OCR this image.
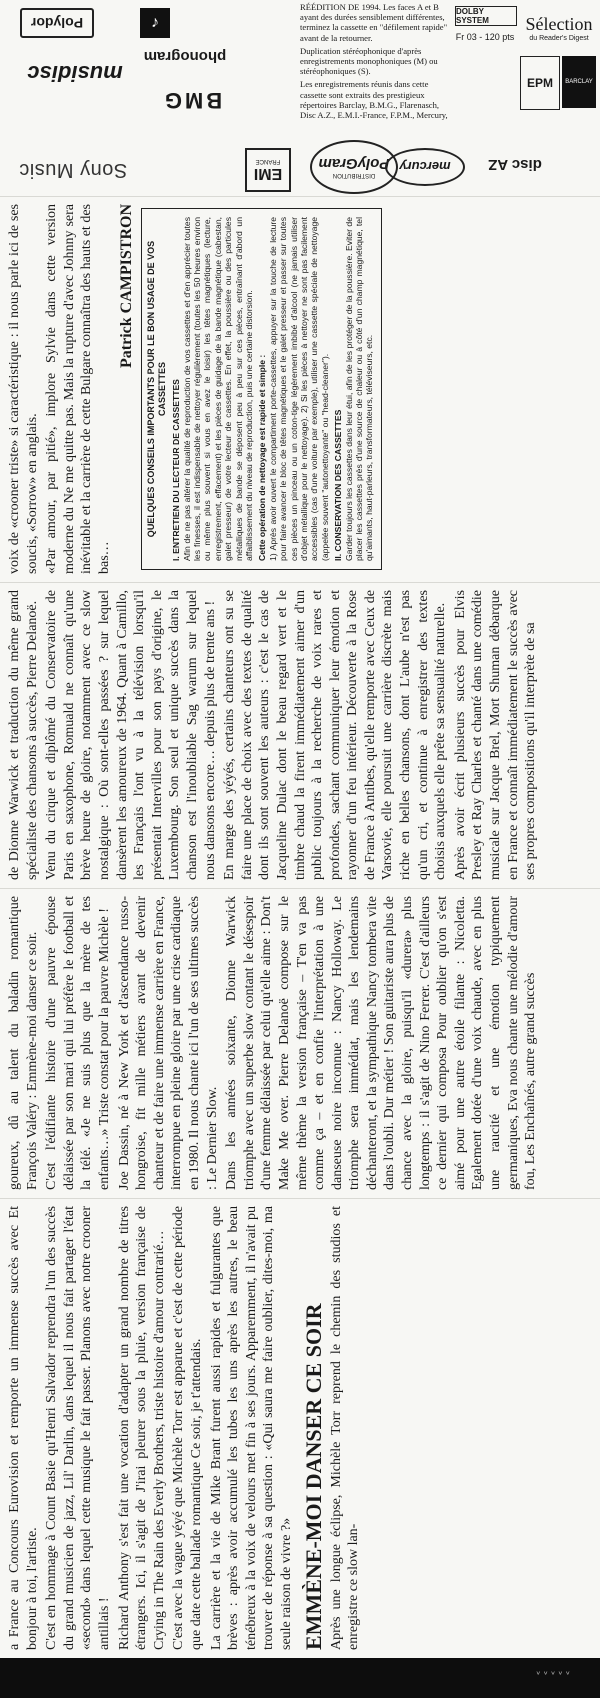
Sony Music
Polydor
musidisc
♪
phonogram
BMG
EMI
FRANCE
DISTRIBUTION
PolyGram mercury	disc AZ

RÉÉDITION DE 1994. Les faces A et B ayant des durées sensiblement différentes, terminez la cassette en "défilement rapide" avant de la retourner.

Duplication stéréophonique d'après enregistrements monophoniques (M) ou stéréophoniques (S).

Les enregistrements réunis dans cette cassette sont extraits des prestigieux répertoires Barclay, B.M.G., Flarenasch, Disc A.Z., E.M.I.-France, F.P.M., Mercury,

DOLBY SYSTEM
Fr 03 - 120 pts
Sélection
du Reader's Digest
EPM BARCLAY

voix de «crooner triste» si caractéristique : il nous parle ici de ses soucis, «Sorrow» en anglais. «Par amour, par pitié», implore Sylvie dans cette version moderne du Ne me quitte pas. Mais la rupture d'avec Johnny sera inévitable et la carrière de cette Bulgare connaîtra des hauts et des bas…

Patrick CAMPISTRON QUELQUES CONSEILS IMPORTANTS POUR LE BON USAGE DE VOS CASSETTES I. ENTRETIEN DU LECTEUR DE CASSETTES Afin de ne pas altérer la qualité de reproduction de vos cassettes et d'en apprécier toutes les finesses, il est indispensable de nettoyer régulièrement (toutes les 50 heures environ ou même plus souvent si vous en avez le loisir) les têtes magnétiques (lecture, enregistrement, effacement) et les pièces de guidage de la bande magnétique (cabestan, galet presseur) de votre lecteur de cassettes. En effet, la poussière ou des particules métalliques de bande se déposent peu à peu sur ces pièces, entraînant d'abord un affaiblissement du niveau de reproduction, puis une certaine distorsion. Cette opération de nettoyage est rapide et simple : 1) Après avoir ouvert le compartiment porte-cassettes, appuyer sur la touche de lecture pour faire avancer le bloc de têtes magnétiques et le galet presseur et passer sur toutes ces pièces un pinceau ou un coton-tige légèrement imbibé d'alcool (ne jamais utiliser d'objet métallique pour le nettoyage). 2) Si les pièces à nettoyer ne sont pas facilement accessibles (cas d'une voiture par exemple), utiliser une cassette spéciale de nettoyage (appelée souvent "autonettoyante" ou "head-cleaner"). II. CONSERVATION DES CASSETTES Garder toujours les cassettes dans leur étui, afin de les protéger de la poussière. Eviter de placer les cassettes près d'une source de chaleur ou à côté d'un champ magnétique, tel qu'aimants, haut-parleurs, transformateurs, téléviseurs, etc.

de Dionne Warwick et traduction du même grand spécialiste des chansons à succès, Pierre Delanoë. Venu du cirque et diplômé du Conservatoire de Paris en saxophone, Romuald ne connaît qu'une brève heure de gloire, notamment avec ce slow nostalgique : Où sont-elles passées ? sur lequel dansèrent les amoureux de 1964. Quant à Camillo, les Français l'ont vu à la télévision lorsqu'il présentait Intervilles pour son pays d'origine, le Luxembourg. Son seul et unique succès dans la chanson est l'inoubliable Sag warum sur lequel nous dansons encore… depuis plus de trente ans ! En marge des yéyés, certains chanteurs ont su se faire une place de choix avec des textes de qualité dont ils sont souvent les auteurs : c'est le cas de Jacqueline Dulac dont le beau regard vert et le timbre chaud la firent immédiatement aimer d'un public toujours à la recherche de voix rares et profondes, sachant communiquer leur émotion et rayonner d'un feu intérieur. Découverte à la Rose de France à Antibes, qu'elle remporte avec Ceux de Varsovie, elle poursuit une carrière discrète mais riche en belles chansons, dont L'aube n'est pas qu'un cri, et continue à enregistrer des textes choisis auxquels elle prête sa sensualité naturelle. Après avoir écrit plusieurs succès pour Elvis Presley et Ray Charles et chanté dans une comédie musicale sur Jacque Brel, Mort Shuman débarque en France et connaît immédiatement le succès avec ses propres compositions qu'il interprète de sa

goureux, dû au talent du baladin romantique François Valéry : Emmène-moi danser ce soir. C'est l'édifiante histoire d'une pauvre épouse délaissée par son mari qui lui préfère le football et la télé. «Je ne suis plus que la mère de tes enfants…» Triste constat pour la pauvre Michèle ! Joe Dassin, né à New York et d'ascendance russo-hongroise, fit mille métiers avant de devenir chanteur et de faire une immense carrière en France, interrompue en pleine gloire par une crise cardiaque en 1980. Il nous chante ici l'un de ses ultimes succès : Le Dernier Slow. Dans les années soixante, Dionne Warwick triomphe avec un superbe slow contant le désespoir d'une femme délaissée par celui qu'elle aime : Don't Make Me over. Pierre Delanoë compose sur le même thème la version française – T'en va pas comme ça – et en confie l'interprétation à une danseuse noire inconnue : Nancy Holloway. Le triomphe sera immédiat, mais les lendemains déchanteront, et la sympathique Nancy tombera vite dans l'oubli. Dur métier ! Son guitariste aura plus de chance avec la gloire, puisqu'il «durera» plus longtemps : il s'agit de Nino Ferrer. C'est d'ailleurs ce dernier qui composa Pour oublier qu'on s'est aimé pour une autre étoile filante : Nicoletta. Egalement dotée d'une voix chaude, avec en plus une raucité et une émotion typiquement germaniques, Eva nous chante une mélodie d'amour fou, Les Enchaînés, autre grand succès

a France au Concours Eurovision et remporte un immense succès avec Et bonjour à toi, l'artiste. C'est en hommage à Count Basie qu'Henri Salvador reprendra l'un des succès du grand musicien de jazz, Lil' Darlin, dans lequel il nous fait partager l'état «second» dans lequel cette musique le fait passer. Planons avec notre crooner antillais ! Richard Anthony s'est fait une vocation d'adapter un grand nombre de titres étrangers. Ici, il s'agit de J'irai pleurer sous la pluie, version française de Crying in The Rain des Everly Brothers, triste histoire d'amour contrarié… C'est avec la vague yéyé que Michèle Torr est apparue et c'est de cette période que date cette ballade romantique Ce soir, je t'attendais. La carrière et la vie de Mike Brant furent aussi rapides et fulgurantes que brèves : après avoir accumulé les tubes les uns après les autres, le beau ténébreux à la voix de velours met fin à ses jours. Apparemment, il n'avait pu trouver de réponse à sa question : «Qui saura me faire oublier, dites-moi, ma seule raison de vivre ?» EMMÈNE-MOI DANSER CE SOIR Après une longue éclipse, Michèle Torr reprend le chemin des studios et enregistre ce slow lan-

ᵛ ᵛ ᵛ ᵛ ᵛ
